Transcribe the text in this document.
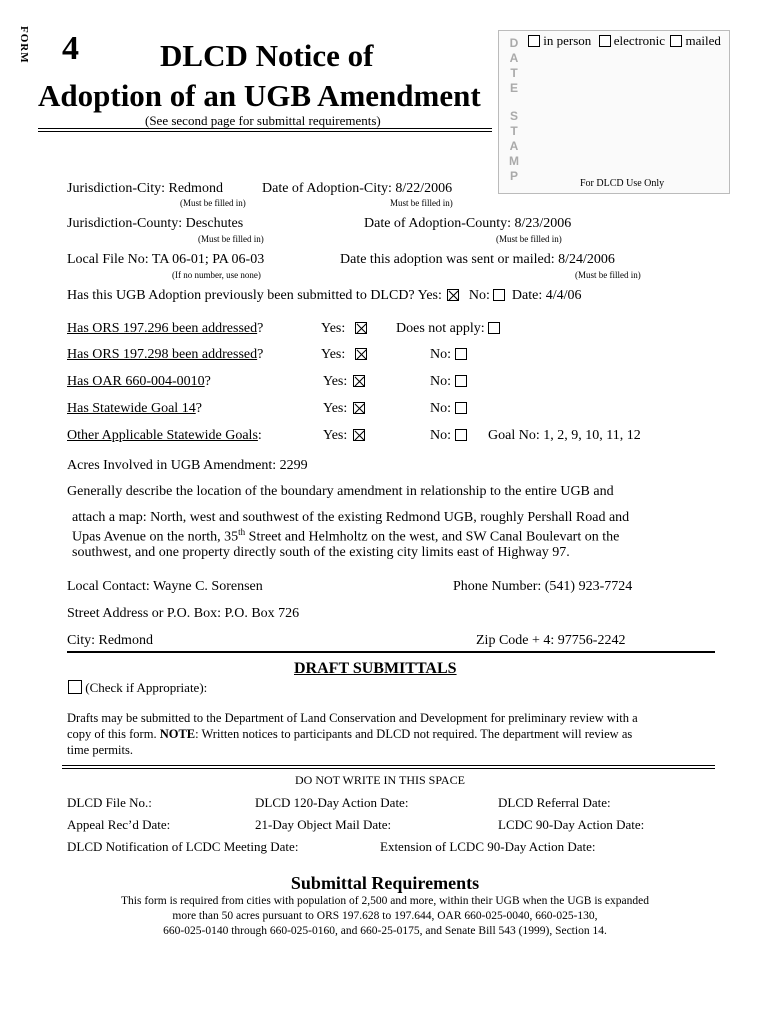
FORM 4	DLCD Notice of
Adoption of an UGB Amendment
(See second page for submittal requirements)
D
A
T
E
S
T
A
M
P
in person electronic mailed
For DLCD Use Only
Jurisdiction-City: Redmond	Date of Adoption-City: 8/22/2006
(Must be filled in)	Must be filled in)
Jurisdiction-County: Deschutes	Date of Adoption-County: 8/23/2006
(Must be filled in)	(Must be filled in)
Local File No: TA 06-01; PA 06-03	Date this adoption was sent or mailed: 8/24/2006
(If no number, use none)	(Must be filled in)
Has this UGB Adoption previously been submitted to DLCD? Yes: No: Date: 4/4/06
Has ORS 197.296 been addressed?	Yes:	Does not apply:
Has ORS 197.298 been addressed?	Yes:	No:
Has OAR 660-004-0010?	Yes:	No:
Has Statewide Goal 14?	Yes:	No:
Other Applicable Statewide Goals:	Yes:	No:	Goal No: 1, 2, 9, 10, 11, 12
Acres Involved in UGB Amendment: 2299
Generally describe the location of the boundary amendment in relationship to the entire UGB and
attach a map: North, west and southwest of the existing Redmond UGB, roughly Pershall Road and
Upas Avenue on the north, 35th Street and Helmholtz on the west, and SW Canal Boulevart on the
southwest, and one property directly south of the existing city limits east of Highway 97.
Local Contact: Wayne C. Sorensen	Phone Number: (541) 923-7724
Street Address or P.O. Box: P.O. Box 726
City: Redmond	Zip Code + 4: 97756-2242
DRAFT SUBMITTALS
(Check if Appropriate):
Drafts may be submitted to the Department of Land Conservation and Development for preliminary review with a
copy of this form. NOTE: Written notices to participants and DLCD not required. The department will review as
time permits.
DO NOT WRITE IN THIS SPACE
DLCD File No.:	DLCD 120-Day Action Date:	DLCD Referral Date:
Appeal Rec’d Date:	21-Day Object Mail Date:	LCDC 90-Day Action Date:
DLCD Notification of LCDC Meeting Date:	Extension of LCDC 90-Day Action Date:
Submittal Requirements
This form is required from cities with population of 2,500 and more, within their UGB when the UGB is expanded
more than 50 acres pursuant to ORS 197.628 to 197.644, OAR 660-025-0040, 660-025-130,
660-025-0140 through 660-025-0160, and 660-25-0175, and Senate Bill 543 (1999), Section 14.
